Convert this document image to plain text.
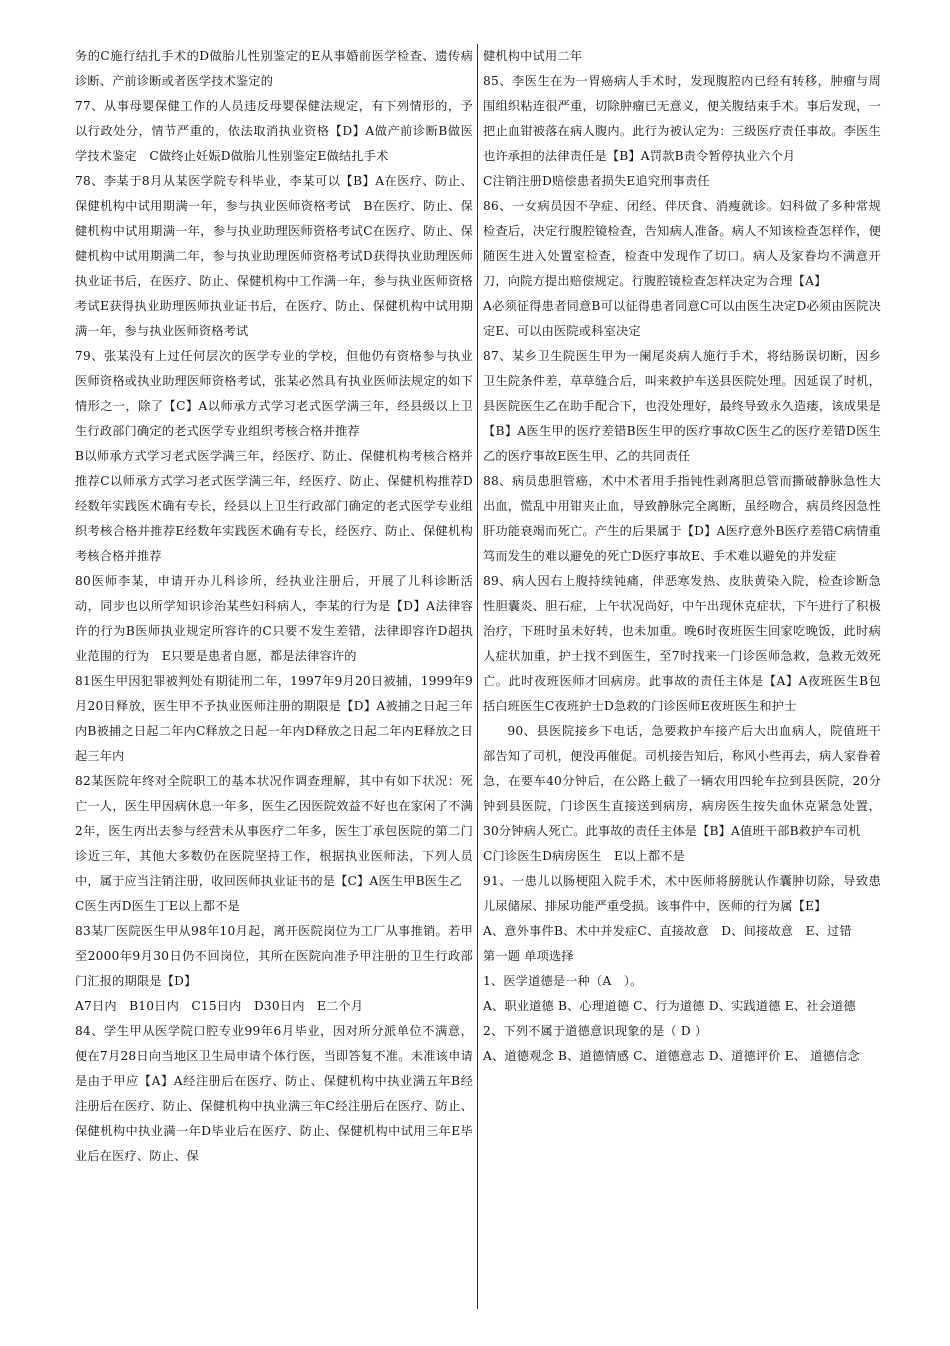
务的C施行结扎手术的D做胎儿性别鉴定的E从事婚前医学检查、遗传病诊断、产前诊断或者医学技术鉴定的

77、从事母婴保健工作的人员违反母婴保健法规定，有下列情形的，予以行政处分，情节严重的，依法取消执业资格【D】A做产前诊断B做医学技术鉴定　C做终止妊娠D做胎儿性别鉴定E做结扎手术

78、李某于8月从某医学院专科毕业，李某可以【B】A在医疗、防止、保健机构中试用期满一年，参与执业医师资格考试　B在医疗、防止、保健机构中试用期满一年，参与执业助理医师资格考试C在医疗、防止、保健机构中试用期满二年，参与执业助理医师资格考试D获得执业助理医师执业证书后，在医疗、防止、保健机构中工作满一年，参与执业医师资格考试E获得执业助理医师执业证书后，在医疗、防止、保健机构中试用期满一年，参与执业医师资格考试

79、张某没有上过任何层次的医学专业的学校，但他仍有资格参与执业医师资格或执业助理医师资格考试，张某必然具有执业医师法规定的如下情形之一，除了【C】A以师承方式学习老式医学满三年，经县级以上卫生行政部门确定的老式医学专业组织考核合格并推荐

B以师承方式学习老式医学满三年，经医疗、防止、保健机构考核合格并推荐C以师承方式学习老式医学满三年，经医疗、防止、保健机构推荐D经数年实践医术确有专长，经县以上卫生行政部门确定的老式医学专业组织考核合格并推荐E经数年实践医术确有专长，经医疗、防止、保健机构考核合格并推荐

80医师李某，申请开办儿科诊所，经执业注册后，开展了儿科诊断活动，同步也以所学知识诊治某些妇科病人，李某的行为是【D】A法律容许的行为B医师执业规定所容许的C只要不发生差错，法律即容许D超执业范围的行为　E只要是患者自愿，都是法律容许的

81医生甲因犯罪被判处有期徒刑二年，1997年9月20日被捕，1999年9月20日释放，医生甲不予执业医师注册的期限是【D】A被捕之日起三年内B被捕之日起二年内C释放之日起一年内D释放之日起二年内E释放之日起三年内

82某医院年终对全院职工的基本状况作调查理解，其中有如下状况：死亡一人，医生甲因病休息一年多，医生乙因医院效益不好也在家闲了不满2年，医生丙出去参与经营未从事医疗二年多，医生丁承包医院的第二门诊近三年，其他大多数仍在医院坚持工作，根据执业医师法，下列人员中，属于应当注销注册，收回医师执业证书的是【C】A医生甲B医生乙

C医生丙D医生丁E以上都不是

83某厂医院医生甲从98年10月起，离开医院岗位为工厂从事推销。若甲至2000年9月30日仍不回岗位，其所在医院向准予甲注册的卫生行政部门汇报的期限是【D】

A7日内　B10日内　C15日内　D30日内　E二个月

84、学生甲从医学院口腔专业99年6月毕业，因对所分派单位不满意，便在7月28日向当地区卫生局申请个体行医，当即答复不准。未准该申请是由于甲应【A】A经注册后在医疗、防止、保健机构中执业满五年B经注册后在医疗、防止、保健机构中执业满三年C经注册后在医疗、防止、保健机构中执业满一年D毕业后在医疗、防止、保健机构中试用三年E毕业后在医疗、防止、保

健机构中试用二年

85、李医生在为一胃癌病人手术时，发现腹腔内已经有转移，肿瘤与周围组织粘连很严重，切除肿瘤已无意义，便关腹结束手术。事后发现，一把止血钳被落在病人腹内。此行为被认定为：三级医疗责任事故。李医生也许承担的法律责任是【B】A罚款B责令暂停执业六个月

C注销注册D赔偿患者损失E追究刑事责任

86、一女病员因不孕症、闭经、伴厌食、消瘦就诊。妇科做了多种常规检查后，决定行腹腔镜检查，告知病人准备。病人不知该检查怎样作，便随医生进入处置室检查，检查中发现作了切口。病人及家眷均不满意开刀，向院方提出赔偿规定。行腹腔镜检查怎样决定为合理【A】

A必须征得患者同意B可以征得患者同意C可以由医生决定D必须由医院决定E、可以由医院或科室决定

87、某乡卫生院医生甲为一阑尾炎病人施行手术，将结肠误切断，因乡卫生院条件差，草草缝合后，叫来救护车送县医院处理。因延误了时机，县医院医生乙在助手配合下，也没处理好，最终导致永久造瘘，该成果是【B】A医生甲的医疗差错B医生甲的医疗事故C医生乙的医疗差错D医生乙的医疗事故E医生甲、乙的共同责任

88、病员患胆管癌，术中术者用手指钝性剥离胆总管而撕破静脉急性大出血，慌乱中用钳夹止血，导致静脉完全离断，虽经吻合，病员终因急性肝功能衰竭而死亡。产生的后果属于【D】A医疗意外B医疗差错C病情重笃而发生的难以避免的死亡D医疗事故E、手术难以避免的并发症

89、病人因右上腹持续钝痛，伴恶寒发热、皮肤黄染入院，检查诊断急性胆囊炎、胆石症，上午状况尚好，中午出现休克症状，下午进行了积极治疗，下班时虽未好转，也未加重。晚6时夜班医生回家吃晚饭，此时病人症状加重，护士找不到医生，至7时找来一门诊医师急救，急救无效死亡。此时夜班医师才回病房。此事故的责任主体是【A】A夜班医生B包括白班医生C夜班护士D急救的门诊医师E夜班医生和护士

90、县医院接乡下电话，急要救护车接产后大出血病人，院值班干部告知了司机，便没再催促。司机接告知后，称风小些再去，病人家眷着急，在要车40分钟后，在公路上截了一辆农用四轮车拉到县医院，20分钟到县医院，门诊医生直接送到病房，病房医生按失血休克紧急处置，30分钟病人死亡。此事故的责任主体是【B】A值班干部B救护车司机

C门诊医生D病房医生　E以上都不是

91、一患儿以肠梗阻入院手术，术中医师将膀胱认作囊肿切除，导致患儿尿储尿、排尿功能严重受损。该事件中，医师的行为属【E】

A、意外事件B、术中并发症C、直接故意　D、间接故意　E、过错

第一题 单项选择

1、医学道德是一种（A　）。

A、职业道德 B、心理道德 C、行为道德 D、实践道德 E、社会道德

2、下列不属于道德意识现象的是（ D ）

A、道德观念 B、道德情感 C、道德意志 D、道德评价 E、 道德信念
